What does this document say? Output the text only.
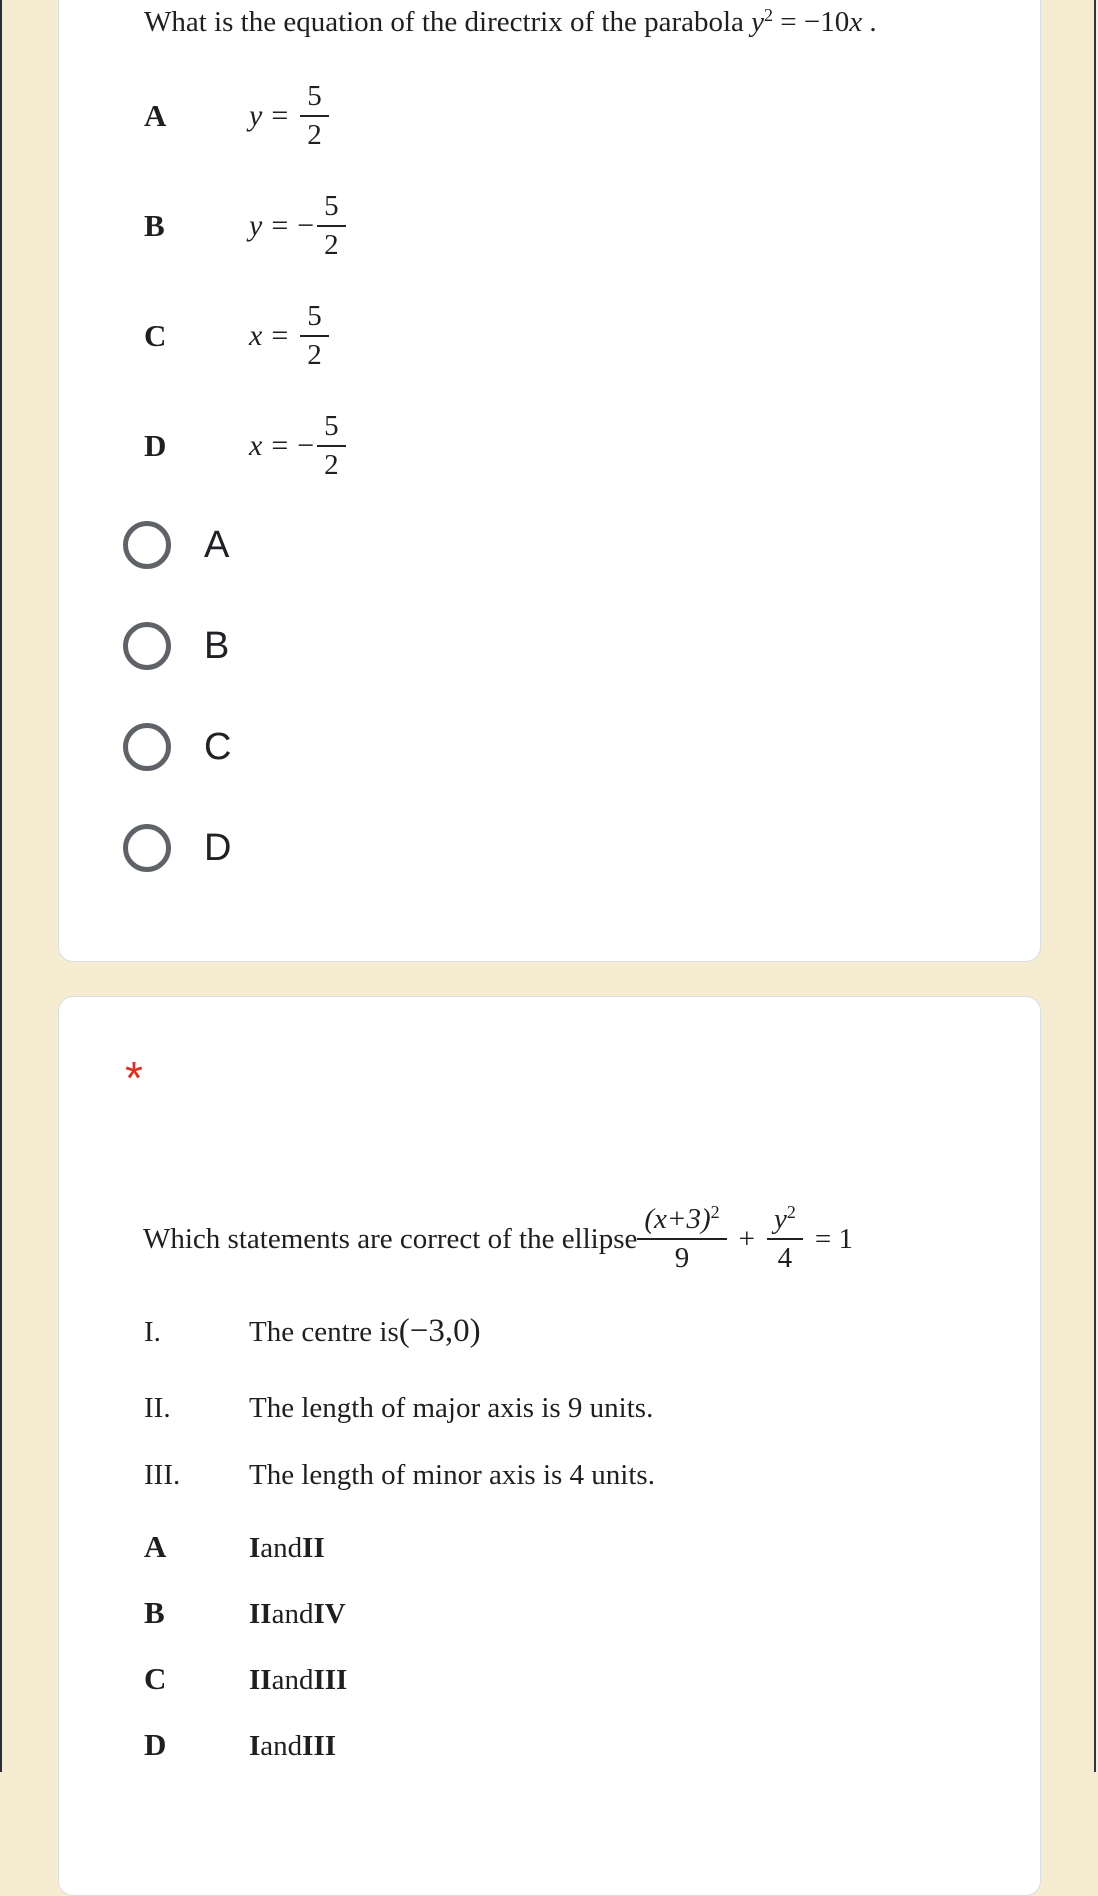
What is the equation of the directrix of the parabola $y^2 = -10x$ .
A	$y = \frac{5}{2}$
B	y = − $\frac{5}{2}$
C	$x = \frac{5}{2}$
D	x = − $\frac{5}{2}$
A
B
C
D
*
Which statements are correct of the ellipse $\frac{(x+3)^2}{9} + \frac{y^2}{4} = 1$
I.	The centre is (−3,0)
II.	The length of major axis is 9 units.
III.	The length of minor axis is 4 units.
A	I and II
B	II and IV
C	II and III
D	I and III
